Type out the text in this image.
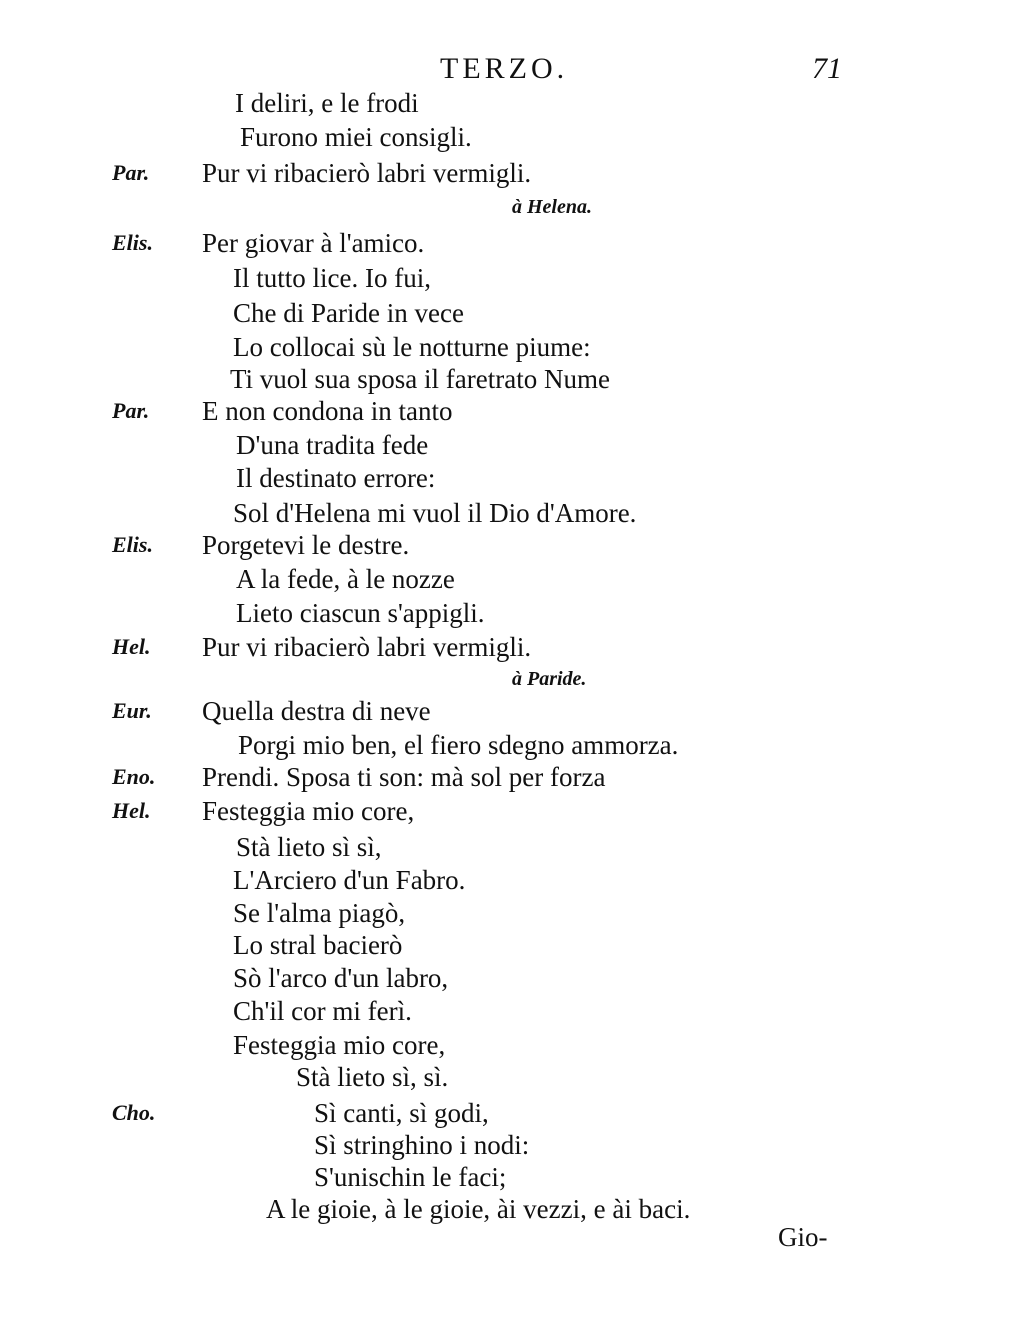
TERZO.	71
I deliri, e le frodi
Furono miei consigli.
Par. Pur vi ribacierò labri vermigli.
à Helena.
Elis. Per giovar à l'amico.
Il tutto lice. Io fui,
Che di Paride in vece
Lo collocai sù le notturne piume:
Ti vuol sua sposa il faretrato Nume
Par. E non condona in tanto
D'una tradita fede
Il destinato errore:
Sol d'Helena mi vuol il Dio d'Amore.
Elis. Porgetevi le destre.
A la fede, à le nozze
Lieto ciascun s'appigli.
Hel. Pur vi ribacierò labri vermigli.
à Paride.
Eur. Quella destra di neve
Porgi mio ben, el fiero sdegno ammorza.
Eno. Prendi. Sposa ti son: mà sol per forza
Hel. Festeggia mio core,
Stà lieto sì sì,
L'Arciero d'un Fabro.
Se l'alma piagò,
Lo stral bacierò
Sò l'arco d'un labro,
Ch'il cor mi ferì.
Festeggia mio core,
Stà lieto sì, sì.
Cho.	Sì canti, sì godi,
Sì stringhino i nodi:
S'unischin le faci;
A le gioie, à le gioie, ài vezzi, e ài baci.
Gio-
